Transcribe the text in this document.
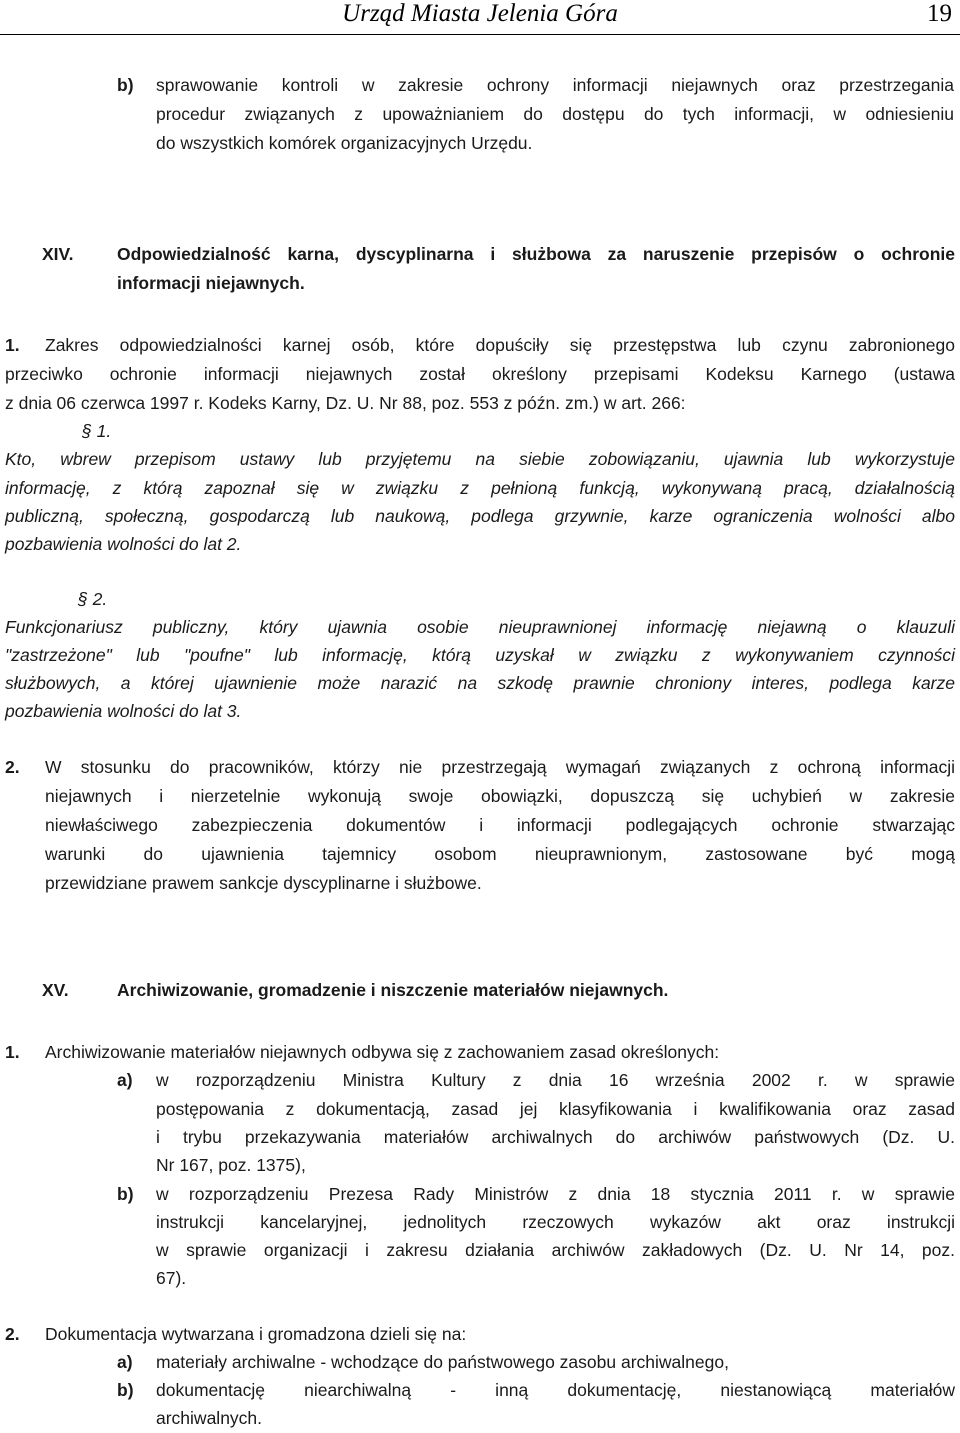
Urząd Miasta Jelenia Góra	19
b) sprawowanie kontroli w zakresie ochrony informacji niejawnych oraz przestrzegania
procedur związanych z upoważnianiem do dostępu do tych informacji, w odniesieniu
do wszystkich komórek organizacyjnych Urzędu.
XIV. Odpowiedzialność karna, dyscyplinarna i służbowa za naruszenie przepisów o ochronie
informacji niejawnych.
1. Zakres odpowiedzialności karnej osób, które dopuściły się przestępstwa lub czynu zabronionego
przeciwko ochronie informacji niejawnych został określony przepisami Kodeksu Karnego (ustawa
z dnia 06 czerwca 1997 r. Kodeks Karny, Dz. U. Nr 88, poz. 553 z późn. zm.) w art. 266:
§ 1.
Kto, wbrew przepisom ustawy lub przyjętemu na siebie zobowiązaniu, ujawnia lub wykorzystuje
informację, z którą zapoznał się w związku z pełnioną funkcją, wykonywaną pracą, działalnością
publiczną, społeczną, gospodarczą lub naukową, podlega grzywnie, karze ograniczenia wolności albo
pozbawienia wolności do lat 2.
§ 2.
Funkcjonariusz publiczny, który ujawnia osobie nieuprawnionej informację niejawną o klauzuli
"zastrzeżone" lub "poufne" lub informację, którą uzyskał w związku z wykonywaniem czynności
służbowych, a której ujawnienie może narazić na szkodę prawnie chroniony interes, podlega karze
pozbawienia wolności do lat 3.
2. W stosunku do pracowników, którzy nie przestrzegają wymagań związanych z ochroną informacji
niejawnych i nierzetelnie wykonują swoje obowiązki, dopuszczą się uchybień w zakresie
niewłaściwego zabezpieczenia dokumentów i informacji podlegających ochronie stwarzając
warunki do ujawnienia tajemnicy osobom nieuprawnionym, zastosowane być mogą
przewidziane prawem sankcje dyscyplinarne i służbowe.
XV.	Archiwizowanie, gromadzenie i niszczenie materiałów niejawnych.
1. Archiwizowanie materiałów niejawnych odbywa się z zachowaniem zasad określonych:
a) w rozporządzeniu Ministra Kultury z dnia 16 września 2002 r. w sprawie
postępowania z dokumentacją, zasad jej klasyfikowania i kwalifikowania oraz zasad
i trybu przekazywania materiałów archiwalnych do archiwów państwowych (Dz. U.
Nr 167, poz. 1375),
b) w rozporządzeniu Prezesa Rady Ministrów z dnia 18 stycznia 2011 r. w sprawie
instrukcji kancelaryjnej, jednolitych rzeczowych wykazów akt oraz instrukcji
w sprawie organizacji i zakresu działania archiwów zakładowych (Dz. U. Nr 14, poz.
67).
2. Dokumentacja wytwarzana i gromadzona dzieli się na:
a) materiały archiwalne - wchodzące do państwowego zasobu archiwalnego,
b) dokumentację niearchiwalną - inną dokumentację, niestanowiącą materiałów
archiwalnych.
